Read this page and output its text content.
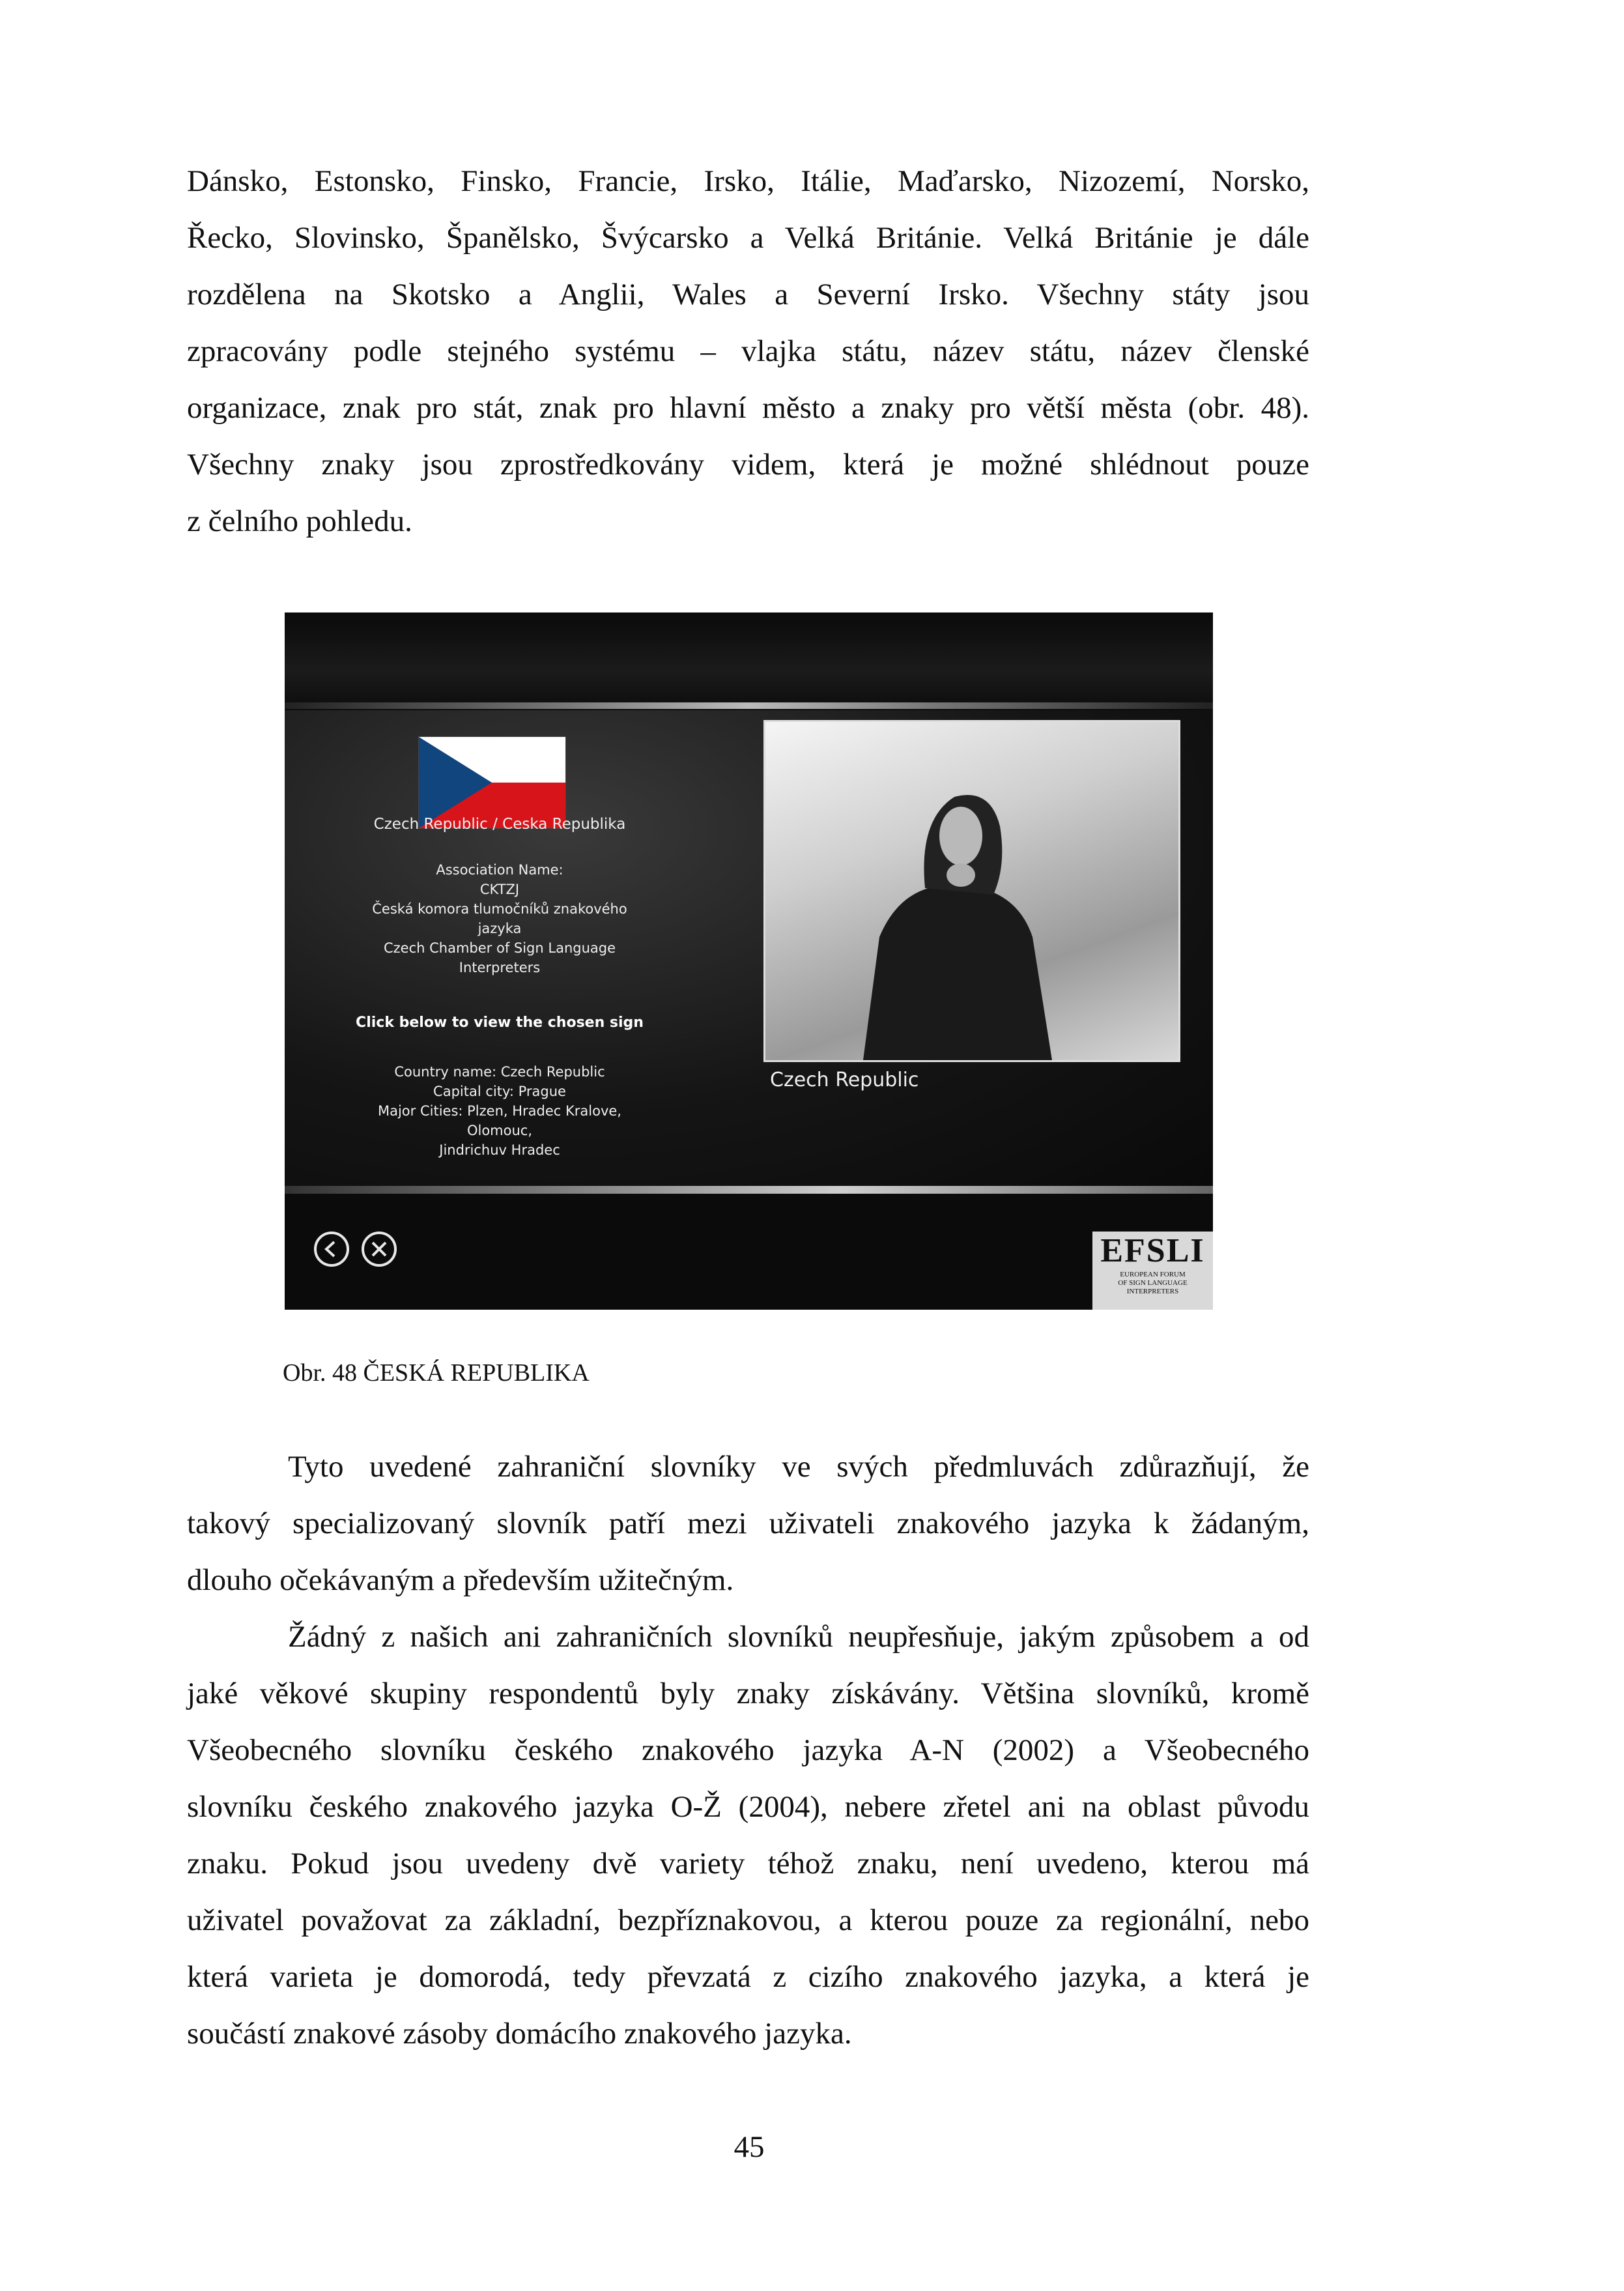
Dánsko, Estonsko, Finsko, Francie, Irsko, Itálie, Maďarsko, Nizozemí, Norsko,

Řecko, Slovinsko, Španělsko, Švýcarsko a Velká Británie. Velká Británie je dále

rozdělena na Skotsko a Anglii, Wales a Severní Irsko. Všechny státy jsou

zpracovány podle stejného systému – vlajka státu, název státu, název členské

organizace, znak pro stát, znak pro hlavní město a znaky pro větší města (obr. 48).

Všechny znaky jsou zprostředkovány videm, která je možné shlédnout pouze

z čelního pohledu.

Czech Republic / Ceska Republika
Association Name:
CKTZJ
Česká komora tlumočníků znakového
jazyka
Czech Chamber of Sign Language
Interpreters
Click below to view the chosen sign
Country name: Czech Republic
Capital city: Prague
Major Cities: Plzen, Hradec Kralove,
Olomouc,
Jindrichuv Hradec
Czech Republic
EFSLI
EUROPEAN FORUM
OF SIGN LANGUAGE
INTERPRETERS

Obr. 48 ČESKÁ REPUBLIKA

Tyto uvedené zahraniční slovníky ve svých předmluvách zdůrazňují, že

takový specializovaný slovník patří mezi uživateli znakového jazyka k žádaným,

dlouho očekávaným a především užitečným.

Žádný z našich ani zahraničních slovníků neupřesňuje, jakým způsobem a od

jaké věkové skupiny respondentů byly znaky získávány. Většina slovníků, kromě

Všeobecného slovníku českého znakového jazyka A-N (2002) a Všeobecného

slovníku českého znakového jazyka O-Ž (2004), nebere zřetel ani na oblast původu

znaku. Pokud jsou uvedeny dvě variety téhož znaku, není uvedeno, kterou má

uživatel považovat za základní, bezpříznakovou, a kterou pouze za regionální, nebo

která varieta je domorodá, tedy převzatá z cizího znakového jazyka, a která je

součástí znakové zásoby domácího znakového jazyka.

45
